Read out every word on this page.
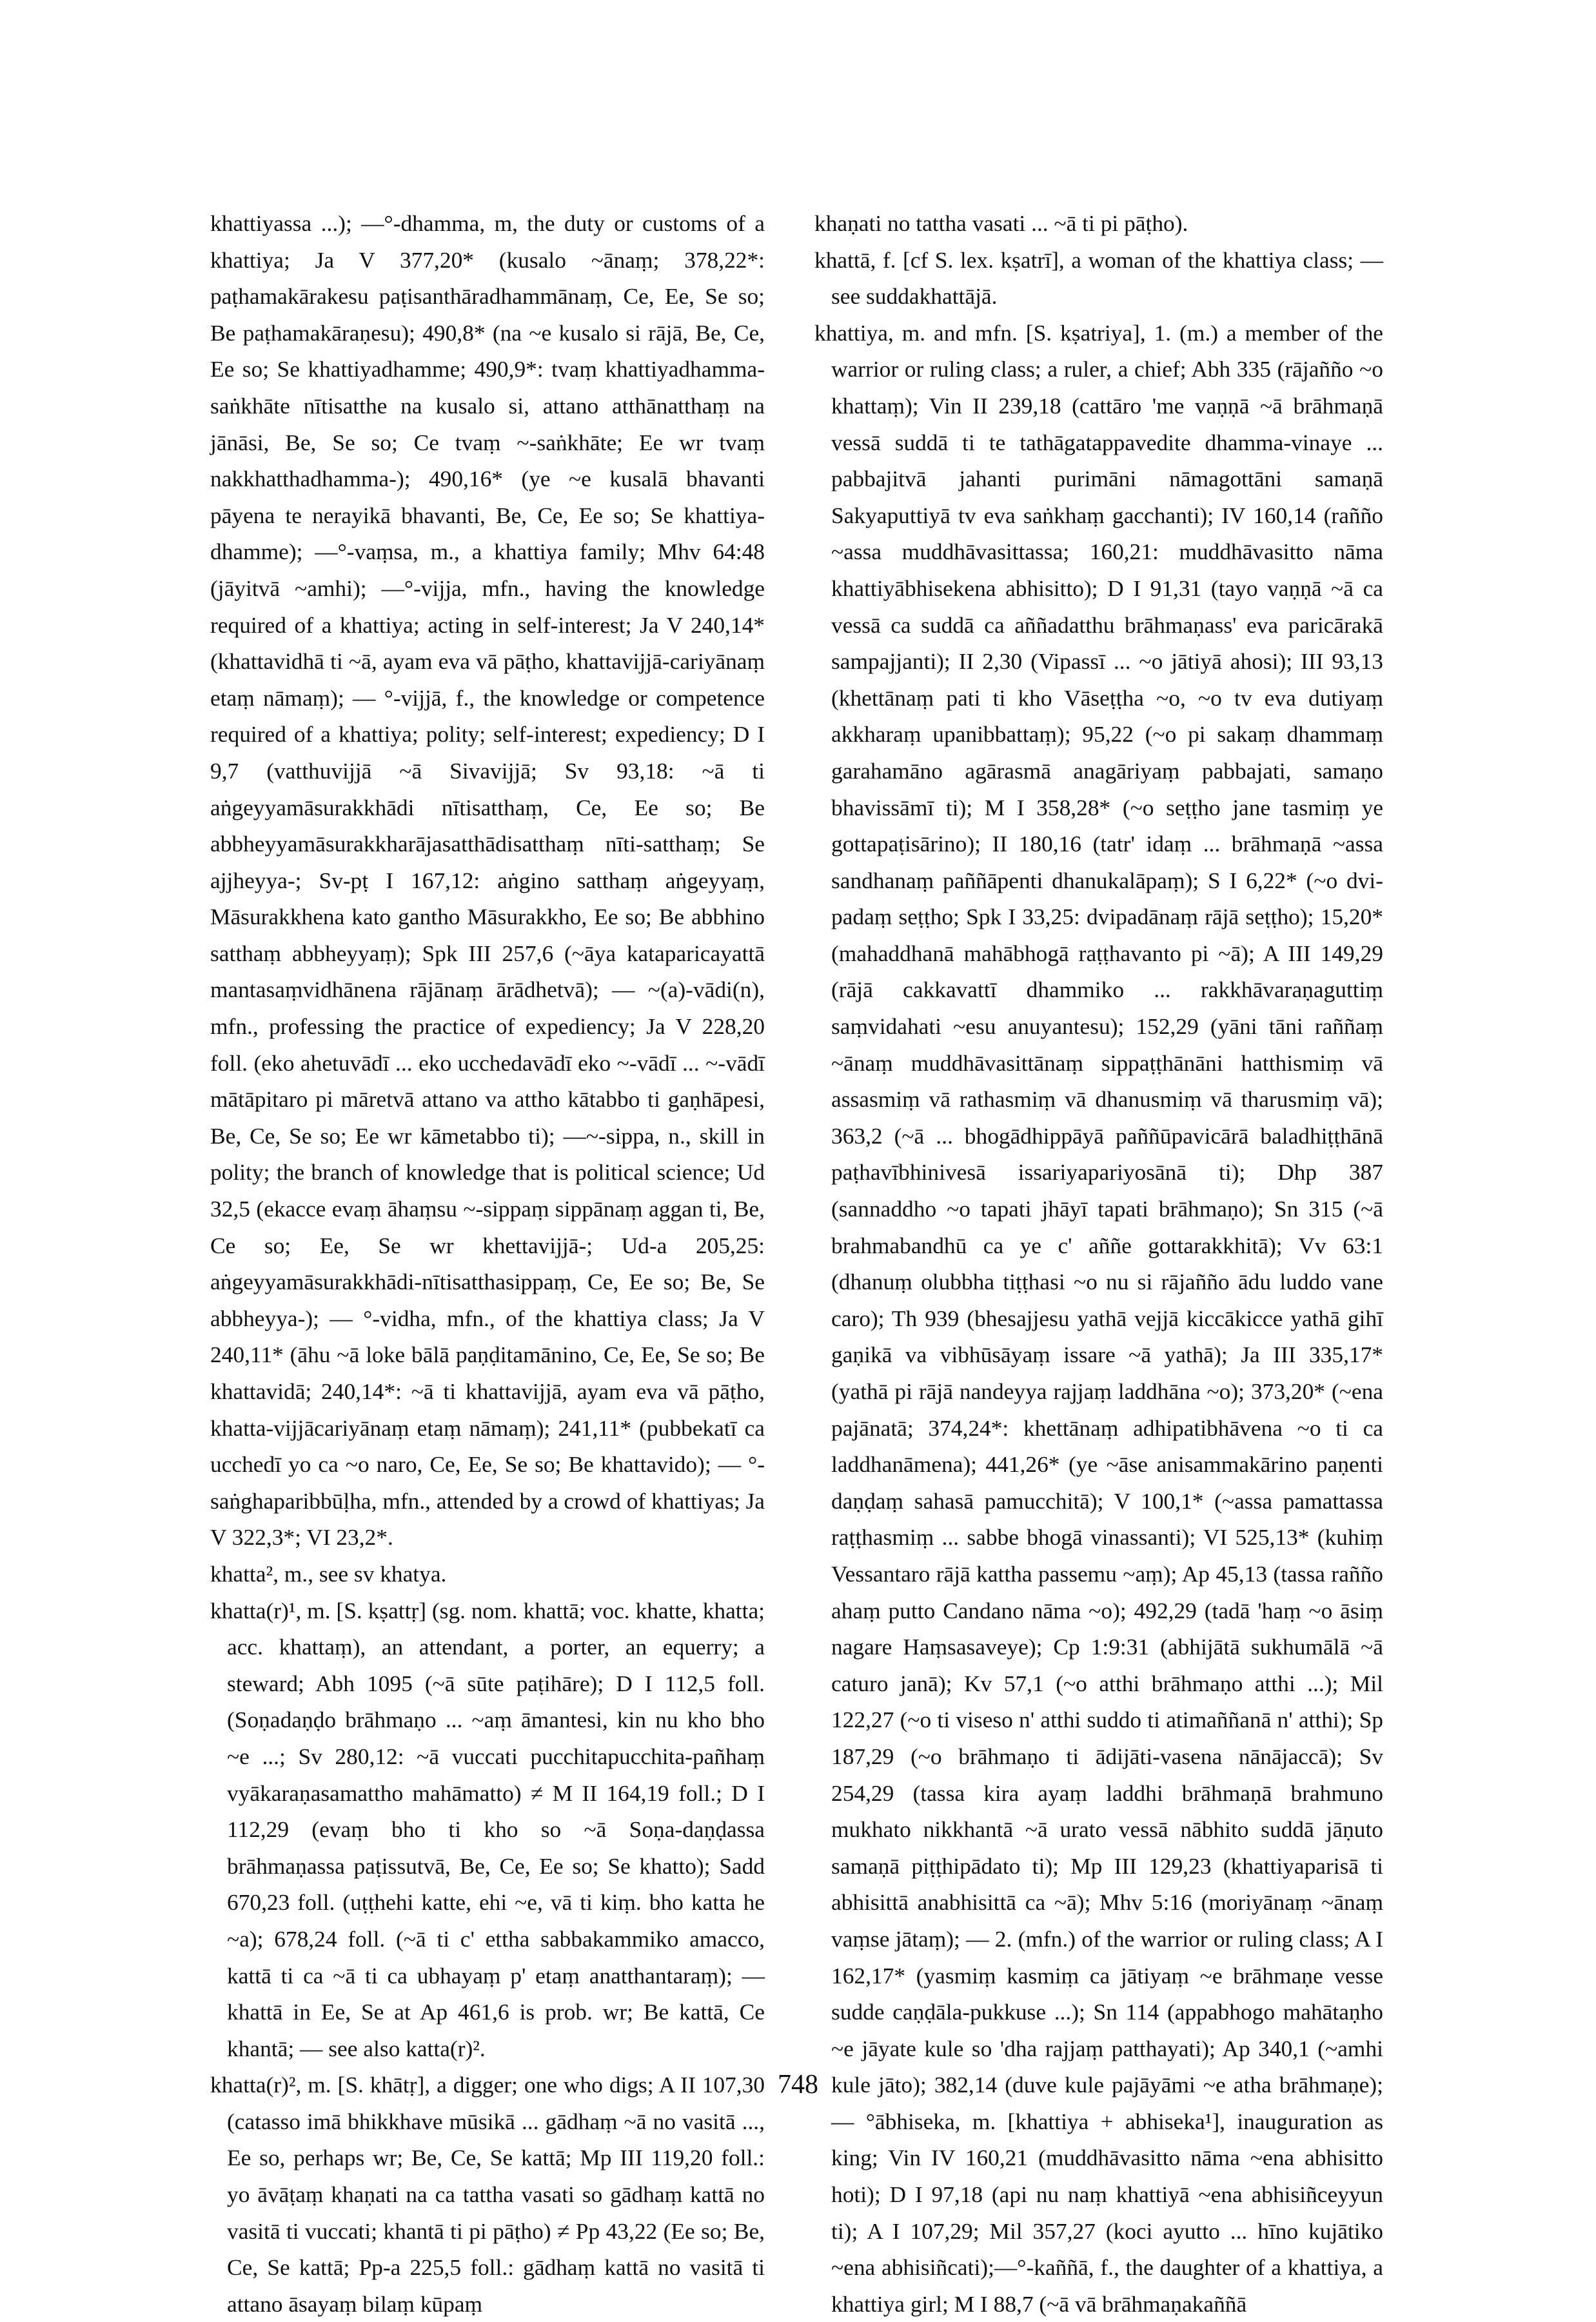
khattiyassa ...); —°-dhamma, m, the duty or customs of a khattiya; Ja V 377,20* (kusalo ~ānaṃ; 378,22*: paṭhamakārakesu paṭisanthāradhammānaṃ, Ce, Ee, Se so; Be paṭhamakāraṇesu); 490,8* (na ~e kusalo si rājā, Be, Ce, Ee so; Se khattiyadhamme; 490,9*: tvaṃ khattiyadhamma-saṅkhāte nītisatthe na kusalo si, attano atthānatthaṃ na jānāsi, Be, Se so; Ce tvaṃ ~-saṅkhāte; Ee wr tvaṃ nakkhatthadhamma-); 490,16* (ye ~e kusalā bhavanti pāyena te nerayikā bhavanti, Be, Ce, Ee so; Se khattiya-dhamme); —°-vaṃsa, m., a khattiya family; Mhv 64:48 (jāyitvā ~amhi); —°-vijja, mfn., having the knowledge required of a khattiya; acting in self-interest; Ja V 240,14* (khattavidhā ti ~ā, ayam eva vā pāṭho, khattavijjā-cariyānaṃ etaṃ nāmaṃ); — °-vijjā, f., the knowledge or competence required of a khattiya; polity; self-interest; expediency; D I 9,7 (vatthuvijjā ~ā Sivavijjā; Sv 93,18: ~ā ti aṅgeyyamāsurakkhādi nītisatthaṃ, Ce, Ee so; Be abbheyyamāsurakkharājasatthādisatthaṃ nīti-satthaṃ; Se ajjheyya-; Sv-pṭ I 167,12: aṅgino satthaṃ aṅgeyyaṃ, Māsurakkhena kato gantho Māsurakkho, Ee so; Be abbhino satthaṃ abbheyyaṃ); Spk III 257,6 (~āya kataparicayattā mantasaṃvidhānena rājānaṃ ārādhetvā); — ~(a)-vādi(n), mfn., professing the practice of expediency; Ja V 228,20 foll. (eko ahetuvādī ... eko ucchedavādī eko ~-vādī ... ~-vādī mātāpitaro pi māretvā attano va attho kātabbo ti gaṇhāpesi, Be, Ce, Se so; Ee wr kāmetabbo ti); —~-sippa, n., skill in polity; the branch of knowledge that is political science; Ud 32,5 (ekacce evaṃ āhaṃsu ~-sippaṃ sippānaṃ aggan ti, Be, Ce so; Ee, Se wr khettavijjā-; Ud-a 205,25: aṅgeyyamāsurakkhādi-nītisatthasippaṃ, Ce, Ee so; Be, Se abbheyya-); — °-vidha, mfn., of the khattiya class; Ja V 240,11* (āhu ~ā loke bālā paṇḍitamānino, Ce, Ee, Se so; Be khattavidā; 240,14*: ~ā ti khattavijjā, ayam eva vā pāṭho, khatta-vijjācariyānaṃ etaṃ nāmaṃ); 241,11* (pubbekatī ca ucchedī yo ca ~o naro, Ce, Ee, Se so; Be khattavido); — °-saṅghaparibbūḷha, mfn., attended by a crowd of khattiyas; Ja V 322,3*; VI 23,2*.

khatta², m., see sv khatya.

khatta(r)¹, m. [S. kṣattṛ] (sg. nom. khattā; voc. khatte, khatta; acc. khattaṃ), an attendant, a porter, an equerry; a steward; Abh 1095 (~ā sūte paṭihāre); D I 112,5 foll. (Soṇadaṇḍo brāhmaṇo ... ~aṃ āmantesi, kin nu kho bho ~e ...; Sv 280,12: ~ā vuccati pucchitapucchita-pañhaṃ vyākaraṇasamattho mahāmatto) ≠ M II 164,19 foll.; D I 112,29 (evaṃ bho ti kho so ~ā Soṇa-daṇḍassa brāhmaṇassa paṭissutvā, Be, Ce, Ee so; Se khatto); Sadd 670,23 foll. (uṭṭhehi katte, ehi ~e, vā ti kiṃ. bho katta he ~a); 678,24 foll. (~ā ti c' ettha sabbakammiko amacco, kattā ti ca ~ā ti ca ubhayaṃ p' etaṃ anatthantaraṃ); — khattā in Ee, Se at Ap 461,6 is prob. wr; Be kattā, Ce khantā; — see also katta(r)².

khatta(r)², m. [S. khātṛ], a digger; one who digs; A II 107,30 (catasso imā bhikkhave mūsikā ... gādhaṃ ~ā no vasitā ..., Ee so, perhaps wr; Be, Ce, Se kattā; Mp III 119,20 foll.: yo āvāṭaṃ khaṇati na ca tattha vasati so gādhaṃ kattā no vasitā ti vuccati; khantā ti pi pāṭho) ≠ Pp 43,22 (Ee so; Be, Ce, Se kattā; Pp-a 225,5 foll.: gādhaṃ kattā no vasitā ti attano āsayaṃ bilaṃ kūpaṃ

khaṇati no tattha vasati ... ~ā ti pi pāṭho).

khattā, f. [cf S. lex. kṣatrī], a woman of the khattiya class; — see suddakhattājā.

khattiya, m. and mfn. [S. kṣatriya], 1. (m.) a member of the warrior or ruling class; a ruler, a chief; Abh 335 (rājañño ~o khattaṃ); Vin II 239,18 (cattāro 'me vaṇṇā ~ā brāhmaṇā vessā suddā ti te tathāgatappavedite dhamma-vinaye ... pabbajitvā jahanti purimāni nāmagottāni samaṇā Sakyaputtiyā tv eva saṅkhaṃ gacchanti); IV 160,14 (rañño ~assa muddhāvasittassa; 160,21: muddhāvasitto nāma khattiyābhisekena abhisitto); D I 91,31 (tayo vaṇṇā ~ā ca vessā ca suddā ca aññadatthu brāhmaṇass' eva paricārakā sampajjanti); II 2,30 (Vipassī ... ~o jātiyā ahosi); III 93,13 (khettānaṃ pati ti kho Vāseṭṭha ~o, ~o tv eva dutiyaṃ akkharaṃ upanibbattaṃ); 95,22 (~o pi sakaṃ dhammaṃ garahamāno agārasmā anagāriyaṃ pabbajati, samaṇo bhavissāmī ti); M I 358,28* (~o seṭṭho jane tasmiṃ ye gottapaṭisārino); II 180,16 (tatr' idaṃ ... brāhmaṇā ~assa sandhanaṃ paññāpenti dhanukalāpaṃ); S I 6,22* (~o dvi-padaṃ seṭṭho; Spk I 33,25: dvipadānaṃ rājā seṭṭho); 15,20* (mahaddhanā mahābhogā raṭṭhavanto pi ~ā); A III 149,29 (rājā cakkavattī dhammiko ... rakkhāvaraṇaguttiṃ saṃvidahati ~esu anuyantesu); 152,29 (yāni tāni raññaṃ ~ānaṃ muddhāvasittānaṃ sippaṭṭhānāni hatthismiṃ vā assasmiṃ vā rathasmiṃ vā dhanusmiṃ vā tharusmiṃ vā); 363,2 (~ā ... bhogādhippāyā paññūpavicārā baladhiṭṭhānā paṭhavībhinivesā issariyapariyosānā ti); Dhp 387 (sannaddho ~o tapati jhāyī tapati brāhmaṇo); Sn 315 (~ā brahmabandhū ca ye c' aññe gottarakkhitā); Vv 63:1 (dhanuṃ olubbha tiṭṭhasi ~o nu si rājañño ādu luddo vane caro); Th 939 (bhesajjesu yathā vejjā kiccākicce yathā gihī gaṇikā va vibhūsāyaṃ issare ~ā yathā); Ja III 335,17* (yathā pi rājā nandeyya rajjaṃ laddhāna ~o); 373,20* (~ena pajānatā; 374,24*: khettānaṃ adhipatibhāvena ~o ti ca laddhanāmena); 441,26* (ye ~āse anisammakārino paṇenti daṇḍaṃ sahasā pamucchitā); V 100,1* (~assa pamattassa raṭṭhasmiṃ ... sabbe bhogā vinassanti); VI 525,13* (kuhiṃ Vessantaro rājā kattha passemu ~aṃ); Ap 45,13 (tassa rañño ahaṃ putto Candano nāma ~o); 492,29 (tadā 'haṃ ~o āsiṃ nagare Haṃsasaveye); Cp 1:9:31 (abhijātā sukhumālā ~ā caturo janā); Kv 57,1 (~o atthi brāhmaṇo atthi ...); Mil 122,27 (~o ti viseso n' atthi suddo ti atimaññanā n' atthi); Sp 187,29 (~o brāhmaṇo ti ādijāti-vasena nānājaccā); Sv 254,29 (tassa kira ayaṃ laddhi brāhmaṇā brahmuno mukhato nikkhantā ~ā urato vessā nābhito suddā jāṇuto samaṇā piṭṭhipādato ti); Mp III 129,23 (khattiyaparisā ti abhisittā anabhisittā ca ~ā); Mhv 5:16 (moriyānaṃ ~ānaṃ vaṃse jātaṃ); — 2. (mfn.) of the warrior or ruling class; A I 162,17* (yasmiṃ kasmiṃ ca jātiyaṃ ~e brāhmaṇe vesse sudde caṇḍāla-pukkuse ...); Sn 114 (appabhogo mahātaṇho ~e jāyate kule so 'dha rajjaṃ patthayati); Ap 340,1 (~amhi kule jāto); 382,14 (duve kule pajāyāmi ~e atha brāhmaṇe); — °ābhiseka, m. [khattiya + abhiseka¹], inauguration as king; Vin IV 160,21 (muddhāvasitto nāma ~ena abhisitto hoti); D I 97,18 (api nu naṃ khattiyā ~ena abhisiñceyyun ti); A I 107,29; Mil 357,27 (koci ayutto ... hīno kujātiko ~ena abhisiñcati);—°-kaññā, f., the daughter of a khattiya, a khattiya girl; M I 88,7 (~ā vā brāhmaṇakaññā

748
